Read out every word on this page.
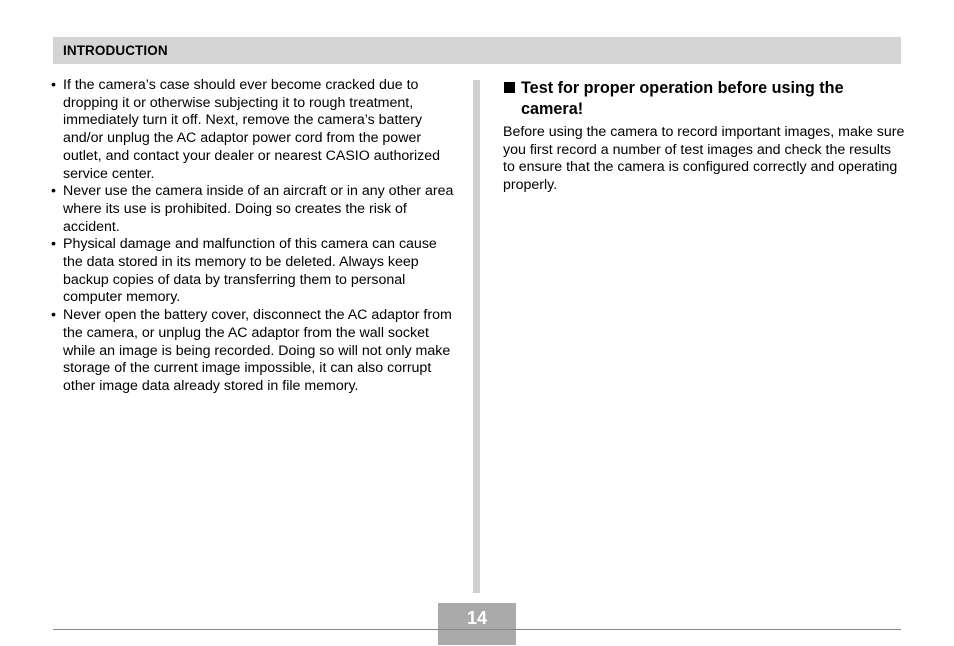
INTRODUCTION
• If the camera’s case should ever become cracked due to dropping it or otherwise subjecting it to rough treatment, immediately turn it off. Next, remove the camera’s battery and/or unplug the AC adaptor power cord from the power outlet, and contact your dealer or nearest CASIO authorized service center.
• Never use the camera inside of an aircraft or in any other area where its use is prohibited. Doing so creates the risk of accident.
• Physical damage and malfunction of this camera can cause the data stored in its memory to be deleted. Always keep backup copies of data by transferring them to personal computer memory.
• Never open the battery cover, disconnect the AC adaptor from the camera, or unplug the AC adaptor from the wall socket while an image is being recorded. Doing so will not only make storage of the current image impossible, it can also corrupt other image data already stored in file memory.
Test for proper operation before using the camera!
Before using the camera to record important images, make sure you first record a number of test images and check the results to ensure that the camera is configured correctly and operating properly.
14
